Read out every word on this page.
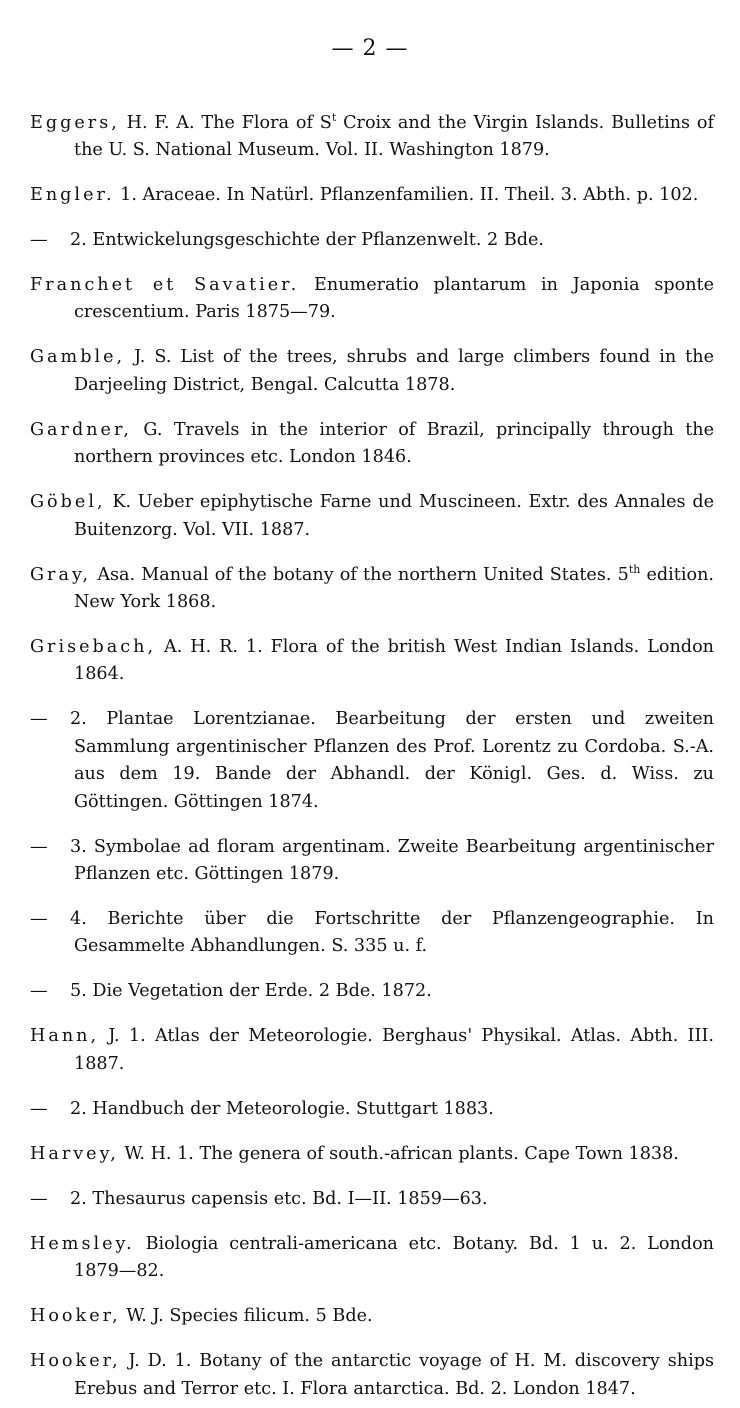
— 2 —

Eggers, H. F. A. The Flora of $S^t$ Croix and the Virgin Islands. Bulletins of the U. S. National Museum. Vol. II. Washington 1879.

Engler. 1. Araceae. In Natürl. Pflanzenfamilien. II. Theil. 3. Abth. p. 102.

— 2. Entwickelungsgeschichte der Pflanzenwelt. 2 Bde.

Franchet et Savatier. Enumeratio plantarum in Japonia sponte crescentium. Paris 1875—79.

Gamble, J. S. List of the trees, shrubs and large climbers found in the Darjeeling District, Bengal. Calcutta 1878.

Gardner, G. Travels in the interior of Brazil, principally through the northern provinces etc. London 1846.

Göbel, K. Ueber epiphytische Farne und Muscineen. Extr. des Annales de Buitenzorg. Vol. VII. 1887.

Gray, Asa. Manual of the botany of the northern United States. 5th edition. New York 1868.

Grisebach, A. H. R. 1. Flora of the british West Indian Islands. London 1864.

— 2. Plantae Lorentzianae. Bearbeitung der ersten und zweiten Sammlung argentinischer Pflanzen des Prof. Lorentz zu Cordoba. S.-A. aus dem 19. Bande der Abhandl. der Königl. Ges. d. Wiss. zu Göttingen. Göttingen 1874.

— 3. Symbolae ad floram argentinam. Zweite Bearbeitung argentinischer Pflanzen etc. Göttingen 1879.

— 4. Berichte über die Fortschritte der Pflanzengeographie. In Gesammelte Abhandlungen. S. 335 u. f.

— 5. Die Vegetation der Erde. 2 Bde. 1872.

Hann, J. 1. Atlas der Meteorologie. Berghaus' Physikal. Atlas. Abth. III. 1887.

— 2. Handbuch der Meteorologie. Stuttgart 1883.

Harvey, W. H. 1. The genera of south.-african plants. Cape Town 1838.

— 2. Thesaurus capensis etc. Bd. I—II. 1859—63.

Hemsley. Biologia centrali-americana etc. Botany. Bd. 1 u. 2. London 1879—82.

Hooker, W. J. Species filicum. 5 Bde.

Hooker, J. D. 1. Botany of the antarctic voyage of H. M. discovery ships Erebus and Terror etc. I. Flora antarctica. Bd. 2. London 1847.
